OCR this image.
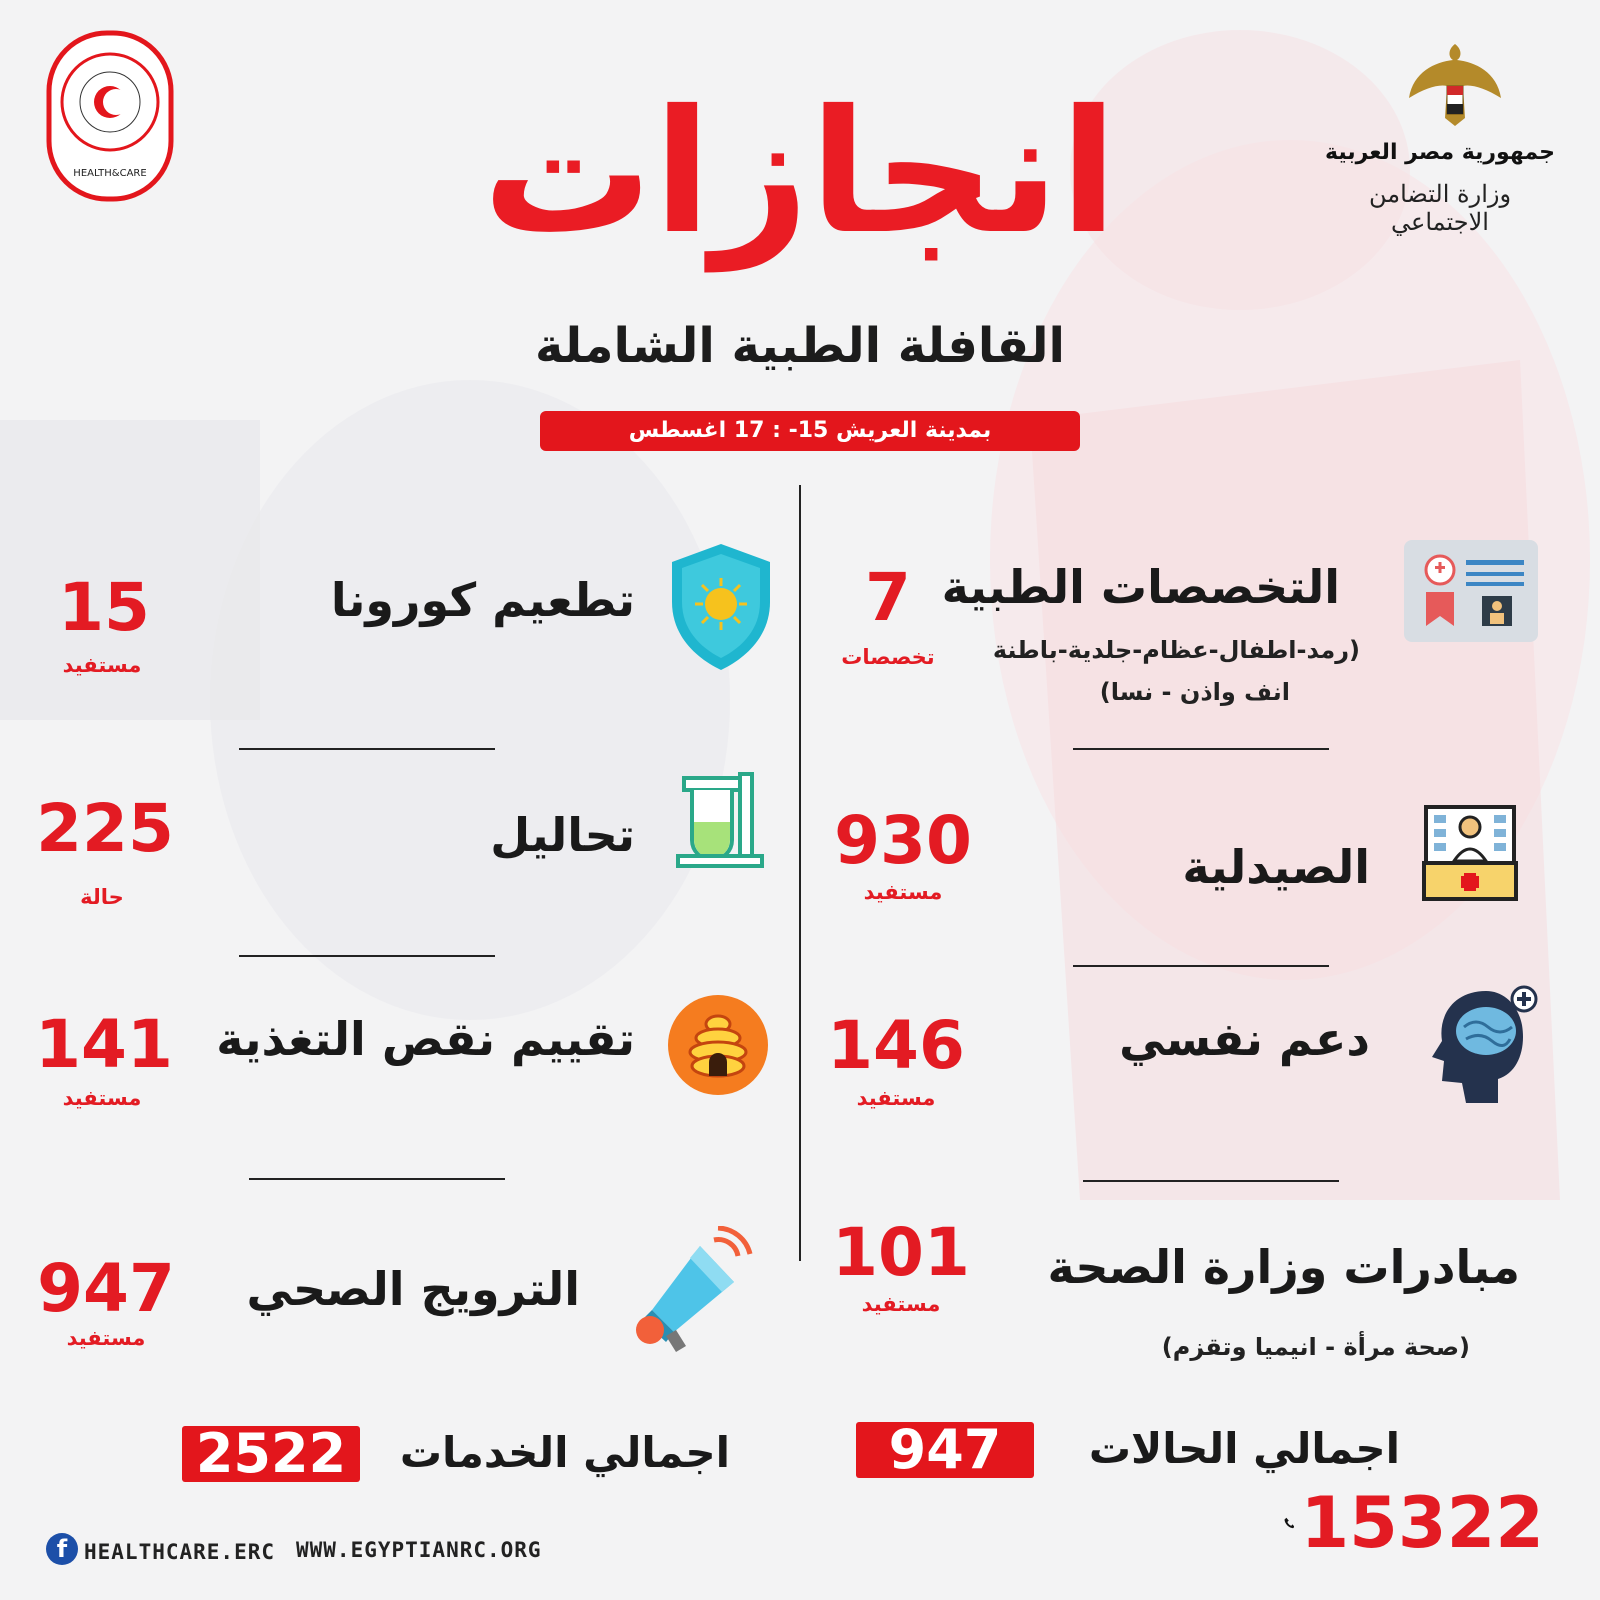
HEALTH&CARE
جمهورية مصر العربية
وزارة التضامن الاجتماعي
انجازات
القافلة الطبية الشاملة
بمدينة العريش 15- : 17 اغسطس
التخصصات الطبية
7
تخصصات	(رمد-اطفال-عظام-جلدية-باطنة
انف واذن - نسا)
الصيدلية
930
مستفيد
دعم نفسي
146
مستفيد
مبادرات وزارة الصحة
101
مستفيد
(صحة مرأة - انيميا وتقزم)
تطعيم كورونا
15
مستفيد
تحاليل
225
حالة
تقييم نقص التغذية
141
مستفيد
الترويج الصحي
947
مستفيد
اجمالي الحالات
947
اجمالي الخدمات
2522
f HEALTHCARE.ERC WWW.EGYPTIANRC.ORG	15322
